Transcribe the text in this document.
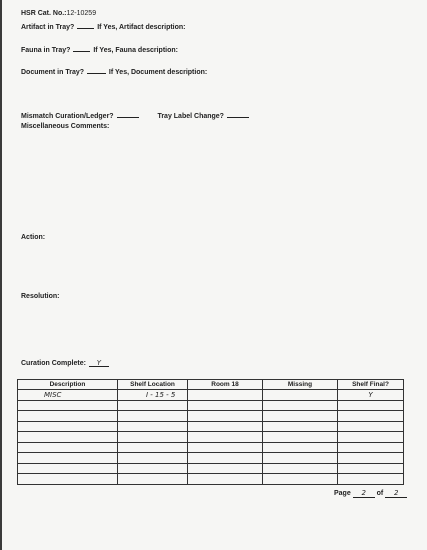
HSR Cat. No.:12-10259
Artifact in Tray?	If Yes, Artifact description:
Fauna in Tray?	If Yes, Fauna description:
Document in Tray?	If Yes, Document description:
Mismatch Curation/Ledger?	Tray Label Change?
Miscellaneous Comments:
Action:
Resolution:
Curation Complete: Y
Description	Shelf Location	Room 18	Missing	Shelf Final?
MISC	I - 15 - 5			Y

Page 2 of 2
